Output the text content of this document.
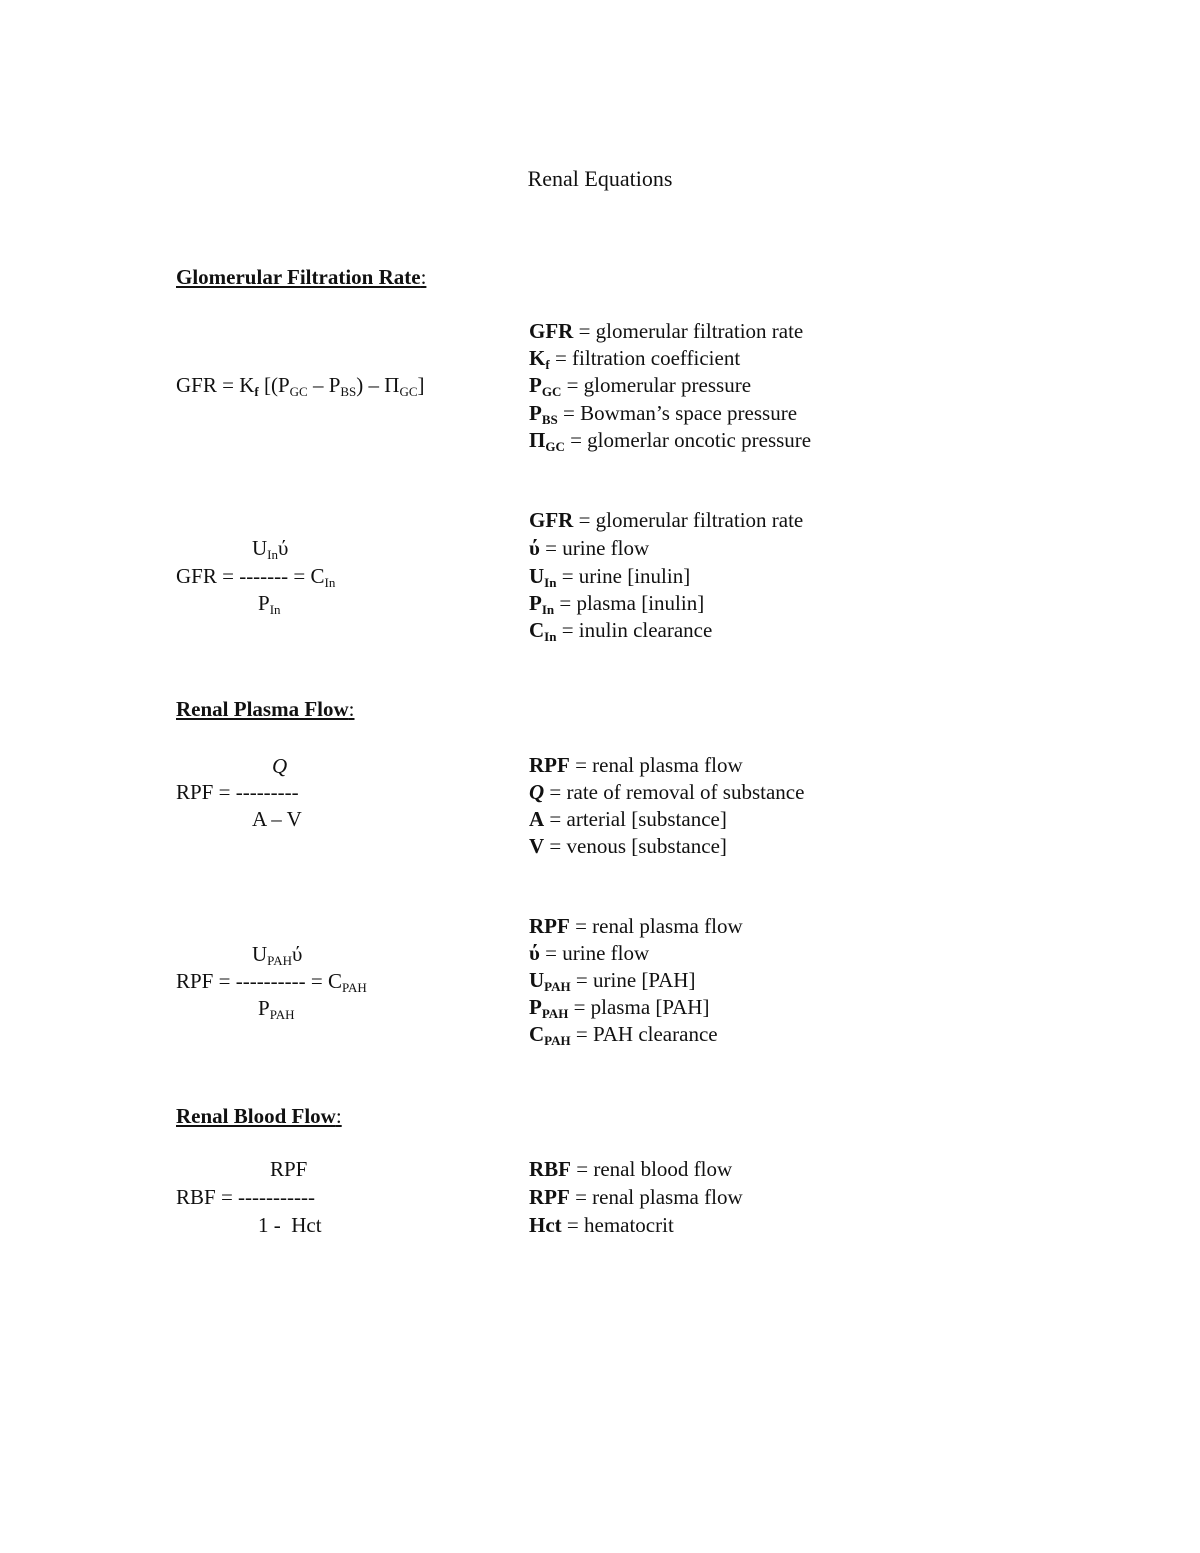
Renal Equations
Glomerular Filtration Rate:
GFR = Kf [(PGC – PBS) – ΠGC]
GFR = glomerular filtration rate
Kf = filtration coefficient
PGC = glomerular pressure
PBS = Bowman’s space pressure
ΠGC = glomerlar oncotic pressure
UInύ
GFR = ------- = CIn
PIn
GFR = glomerular filtration rate
ύ = urine flow
UIn = urine [inulin]
PIn = plasma [inulin]
CIn = inulin clearance
Renal Plasma Flow:
Q
RPF = ---------
A – V
RPF = renal plasma flow
Q = rate of removal of substance
A = arterial [substance]
V = venous [substance]
UPAHύ
RPF = ---------- = CPAH
PPAH
RPF = renal plasma flow
ύ = urine flow
UPAH = urine [PAH]
PPAH = plasma [PAH]
CPAH = PAH clearance
Renal Blood Flow:
RPF
RBF = -----------
1 -  Hct
RBF = renal blood flow
RPF = renal plasma flow
Hct = hematocrit
